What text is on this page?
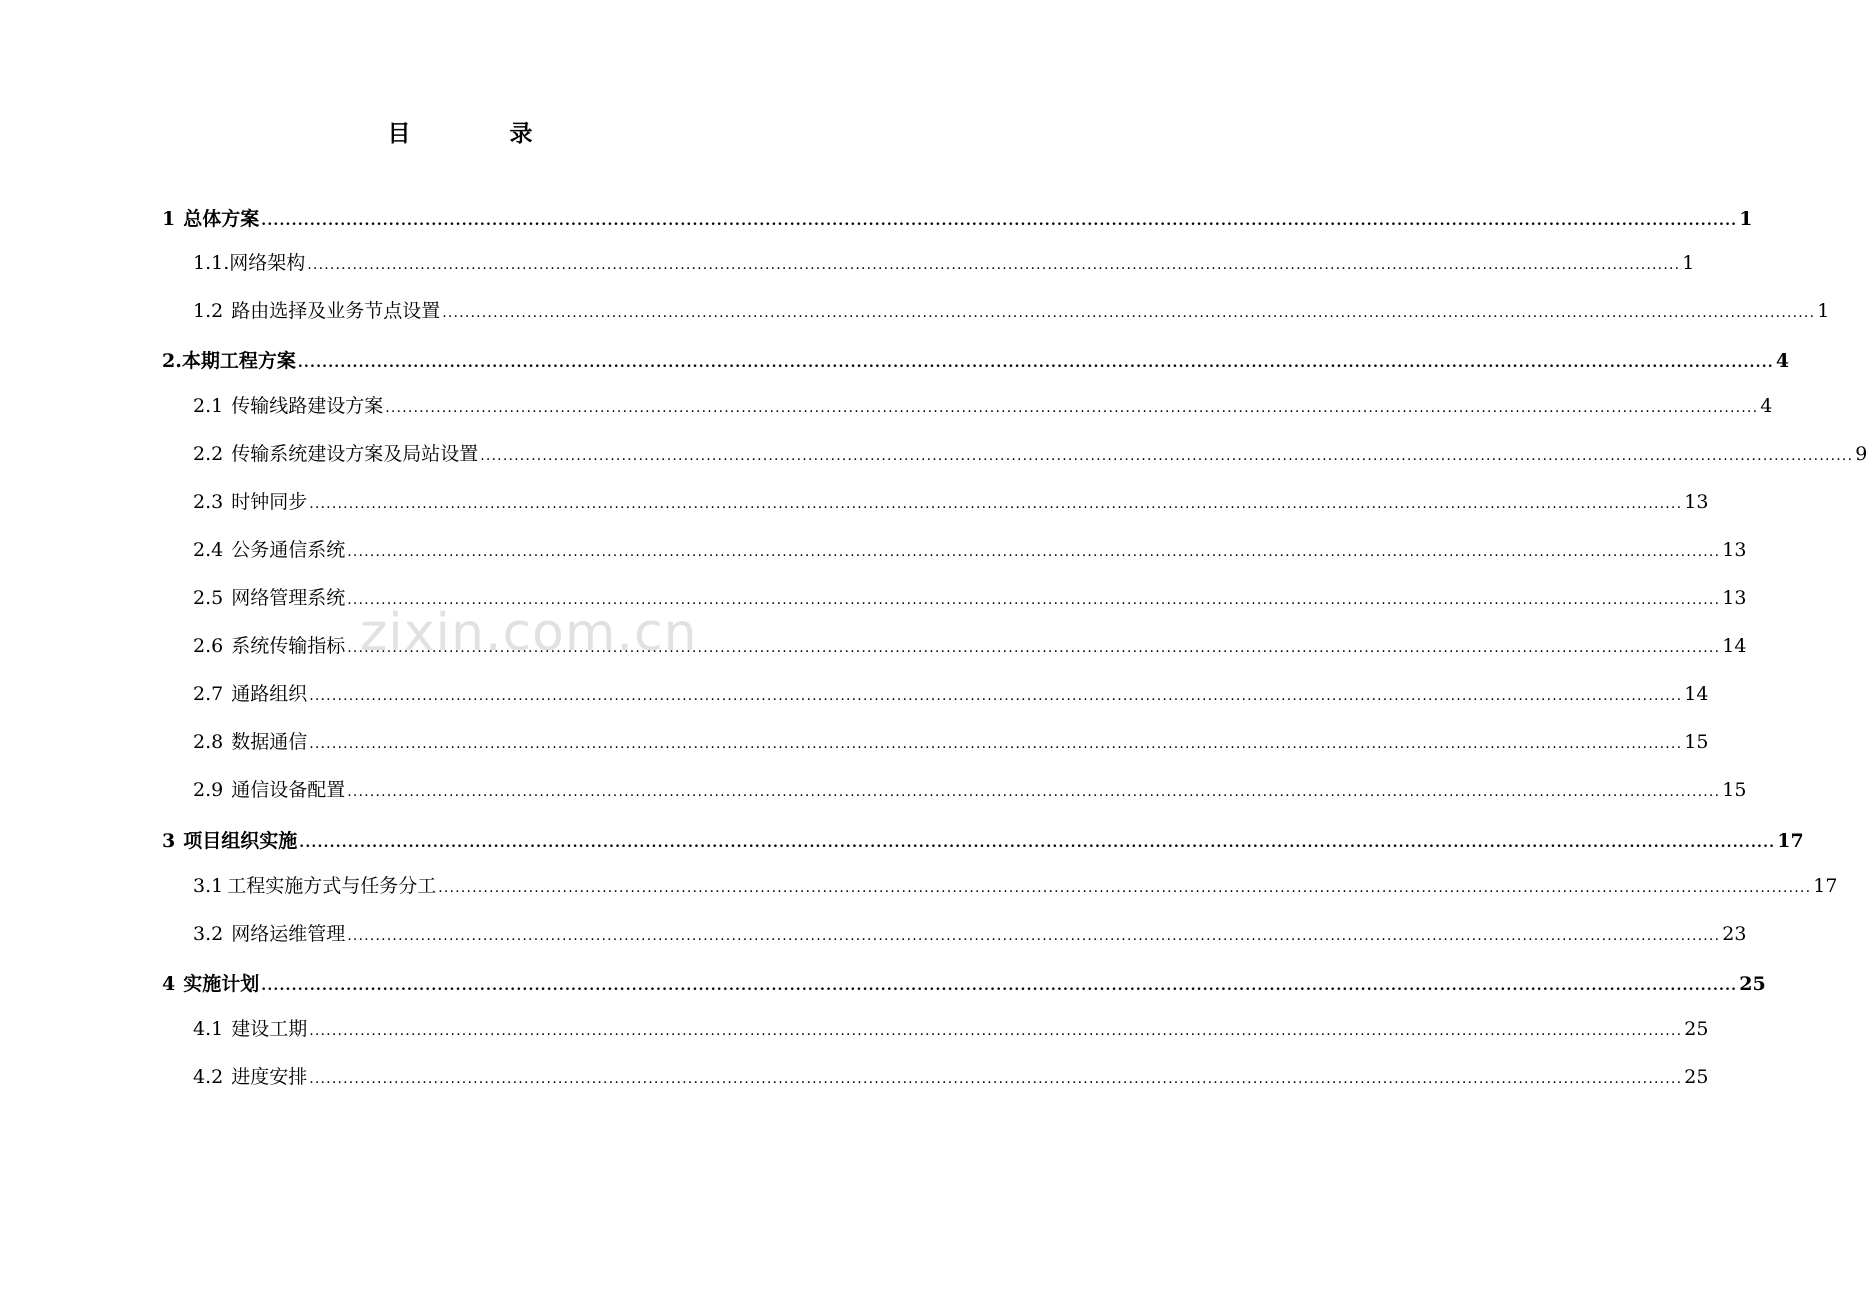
目　录
1 总体方案 ................................................................................................................................................................................................................................................... 1
1.1. 网络架构 ................................................................................................................................................................................................................................................... 1
1.2 路由选择及业务节点设置 ................................................................................................................................................................................................................................................... 1
2. 本期工程方案 ................................................................................................................................................................................................................................................... 4
2.1 传输线路建设方案 ................................................................................................................................................................................................................................................... 4
2.2 传输系统建设方案及局站设置 ................................................................................................................................................................................................................................................... 9
2.3 时钟同步 ................................................................................................................................................................................................................................................... 13
2.4 公务通信系统 ................................................................................................................................................................................................................................................... 13
2.5 网络管理系统 ................................................................................................................................................................................................................................................... 13
2.6 系统传输指标 ................................................................................................................................................................................................................................................... 14
2.7 通路组织 ................................................................................................................................................................................................................................................... 14
2.8 数据通信 ................................................................................................................................................................................................................................................... 15
2.9 通信设备配置 ................................................................................................................................................................................................................................................... 15
3 项目组织实施 ................................................................................................................................................................................................................................................... 17
3.1 工程实施方式与任务分工 ................................................................................................................................................................................................................................................... 17
3.2 网络运维管理 ................................................................................................................................................................................................................................................... 23
4 实施计划 ................................................................................................................................................................................................................................................... 25
4.1 建设工期 ................................................................................................................................................................................................................................................... 25
4.2 进度安排 ................................................................................................................................................................................................................................................... 25
zixin.com.cn
